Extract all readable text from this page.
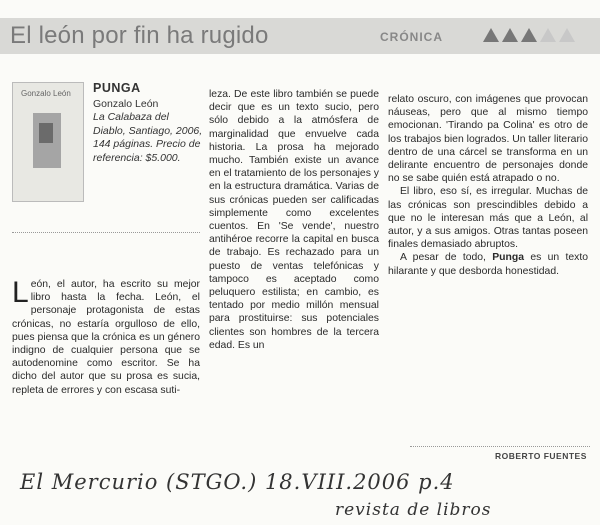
El león por fin ha rugido	CRÓNICA
Gonzalo León PUNGA
Gonzalo León
La Calabaza del Diablo, Santiago, 2006, 144 páginas. Precio de referencia: $5.000.

León, el autor, ha escrito su mejor libro hasta la fecha. León, el personaje protagonista de estas crónicas, no estaría orgulloso de ello, pues piensa que la crónica es un género indigno de cualquier persona que se autodenomine como escritor. Se ha dicho del autor que su prosa es sucia, repleta de errores y con escasa suti-

leza. De este libro también se puede decir que es un texto sucio, pero sólo debido a la atmósfera de marginalidad que envuelve cada historia. La prosa ha mejorado mucho. También existe un avance en el tratamiento de los personajes y en la estructura dramática. Varias de sus crónicas pueden ser calificadas simplemente como excelentes cuentos. En 'Se vende', nuestro antihéroe recorre la capital en busca de trabajo. Es rechazado para un puesto de ventas telefónicas y tampoco es aceptado como peluquero estilista; en cambio, es tentado por medio millón mensual para prostituirse: sus potenciales clientes son hombres de la tercera edad. Es un

relato oscuro, con imágenes que provocan náuseas, pero que al mismo tiempo emocionan. 'Tirando pa Colina' es otro de los trabajos bien logrados. Un taller literario dentro de una cárcel se transforma en un delirante encuentro de personajes donde no se sabe quién está atrapado o no.

El libro, eso sí, es irregular. Muchas de las crónicas son prescindibles debido a que no le interesan más que a León, al autor, y a sus amigos. Otras tantas poseen finales demasiado abruptos.

A pesar de todo, Punga es un texto hilarante y que desborda honestidad.

ROBERTO FUENTES
El Mercurio (STGO.) 18.VIII.2006 p.4
revista de libros
